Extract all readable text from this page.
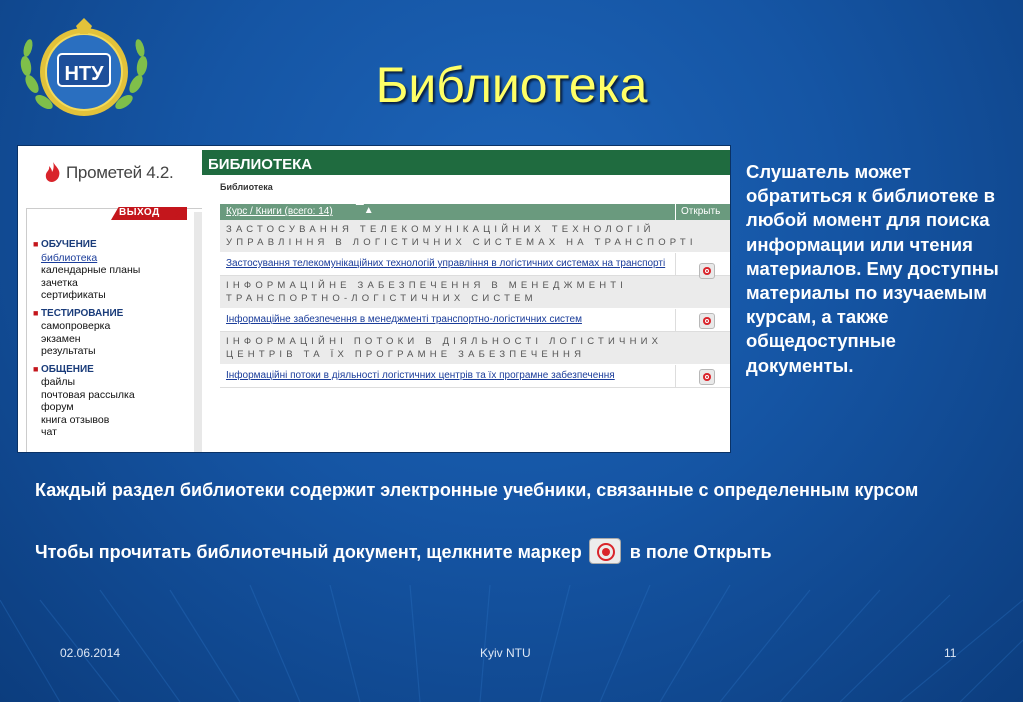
НТУ	Библиотека
Прометей 4.2.
ВЫХОД ✕
■ ОБУЧЕНИЕ
библиотека
календарные планы
зачетка
сертификаты
■ ТЕСТИРОВАНИЕ
самопроверка
экзамен
результаты
■ ОБЩЕНИЕ
файлы
почтовая рассылка
форум
книга отзывов
чат
БИБЛИОТЕКА
Библиотека
Курс / Книги (всего: 14) ▔▲	Открыть
ЗАСТОСУВАННЯ ТЕЛЕКОМУНІКАЦІЙНИХ ТЕХНОЛОГІЙ УПРАВЛІННЯ В ЛОГІСТИЧНИХ СИСТЕМАХ НА ТРАНСПОРТІ
Застосування телекомунікаційних технологій управління в логістичних системах на транспорті
ІНФОРМАЦІЙНЕ ЗАБЕЗПЕЧЕННЯ В МЕНЕДЖМЕНТІ ТРАНСПОРТНО-ЛОГІСТИЧНИХ СИСТЕМ
Інформаційне забезпечення в менеджменті транспортно-логістичних систем
ІНФОРМАЦІЙНІ ПОТОКИ В ДІЯЛЬНОСТІ ЛОГІСТИЧНИХ ЦЕНТРІВ ТА ЇХ ПРОГРАМНЕ ЗАБЕЗПЕЧЕННЯ
Інформаційні потоки в діяльності логістичних центрів та їх програмне забезпечення
Слушатель может обратиться к библиотеке в любой момент для поиска информации или чтения материалов. Ему доступны материалы по изучаемым курсам, а также общедоступные документы.
Каждый раздел библиотеки содержит электронные учебники, связанные с определенным курсом
Чтобы прочитать библиотечный документ, щелкните маркер	в поле Открыть
02.06.2014	Kyiv NTU	11
